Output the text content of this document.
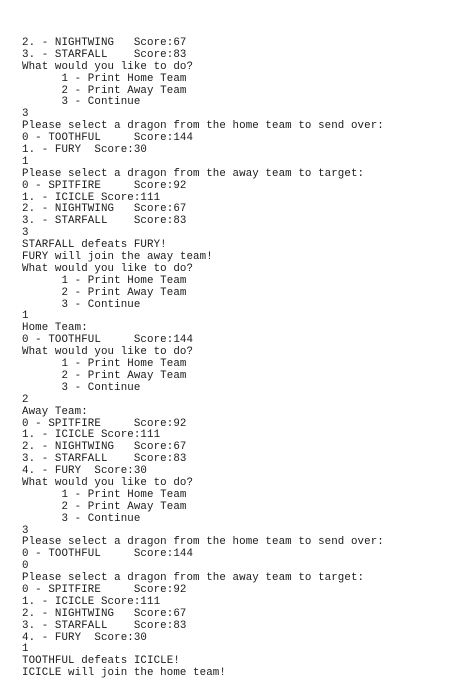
2. - NIGHTWING   Score:67
3. - STARFALL    Score:83
What would you like to do?
1 - Print Home Team
2 - Print Away Team
3 - Continue
3
Please select a dragon from the home team to send over:
0 - TOOTHFUL     Score:144
1. - FURY  Score:30
1
Please select a dragon from the away team to target:
0 - SPITFIRE     Score:92
1. - ICICLE Score:111
2. - NIGHTWING   Score:67
3. - STARFALL    Score:83
3
STARFALL defeats FURY!
FURY will join the away team!
What would you like to do?
1 - Print Home Team
2 - Print Away Team
3 - Continue
1
Home Team:
0 - TOOTHFUL     Score:144
What would you like to do?
1 - Print Home Team
2 - Print Away Team
3 - Continue
2
Away Team:
0 - SPITFIRE     Score:92
1. - ICICLE Score:111
2. - NIGHTWING   Score:67
3. - STARFALL    Score:83
4. - FURY  Score:30
What would you like to do?
1 - Print Home Team
2 - Print Away Team
3 - Continue
3
Please select a dragon from the home team to send over:
0 - TOOTHFUL     Score:144
0
Please select a dragon from the away team to target:
0 - SPITFIRE     Score:92
1. - ICICLE Score:111
2. - NIGHTWING   Score:67
3. - STARFALL    Score:83
4. - FURY  Score:30
1
TOOTHFUL defeats ICICLE!
ICICLE will join the home team!
